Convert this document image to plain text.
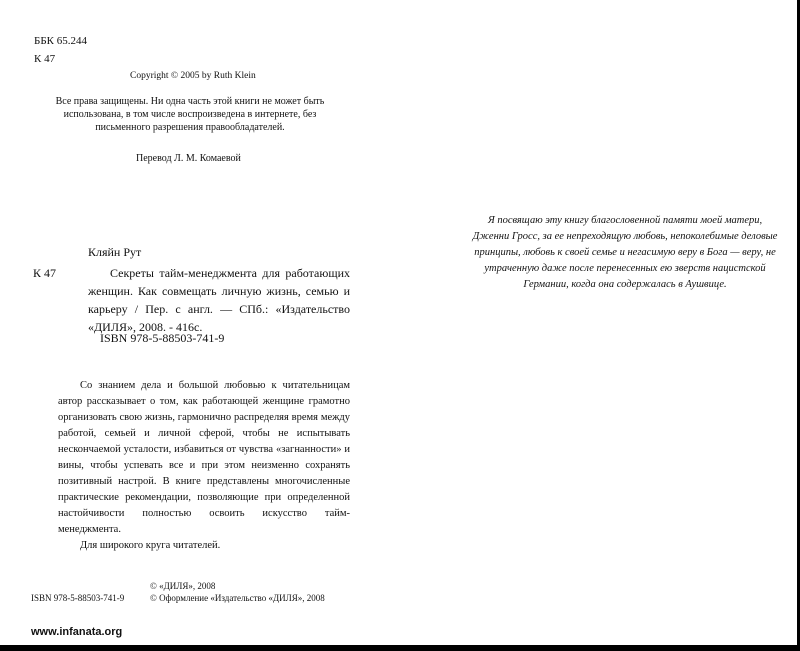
ББК 65.244
К 47
Copyright © 2005 by Ruth Klein
Все права защищены. Ни одна часть этой книги не может быть использована, в том числе воспроизведена в интернете, без письменного разрешения правообладателей.
Перевод Л. М. Комаевой
Кляйн Рут
К 47	Секреты тайм-менеджмента для работающих женщин. Как совмещать личную жизнь, семью и карьеру / Пер. с англ. — СПб.: «Издательство «ДИЛЯ», 2008. - 416с.
ISBN 978-5-88503-741-9

Со знанием дела и большой любовью к читательницам автор рассказывает о том, как работающей женщине грамотно организовать свою жизнь, гармонично распределяя время между работой, семьей и личной сферой, чтобы не испытывать нескончаемой усталости, избавиться от чувства «загнанности» и вины, чтобы успевать все и при этом неизменно сохранять позитивный настрой. В книге представлены многочисленные практические рекомендации, позволяющие при определенной настойчивости полностью освоить искусство тайм-менеджмента.

Для широкого круга читателей.

Я посвящаю эту книгу благословенной памяти моей матери, Дженни Гросс, за ее непреходящую любовь, непоколебимые деловые принципы, любовь к своей семье и негасимую веру в Бога — веру, не утраченную даже после перенесенных ею зверств нацистской Германии, когда она содержалась в Аушвице.
© «ДИЛЯ», 2008
ISBN 978-5-88503-741-9	© Оформление «Издательство «ДИЛЯ», 2008
www.infanata.org
